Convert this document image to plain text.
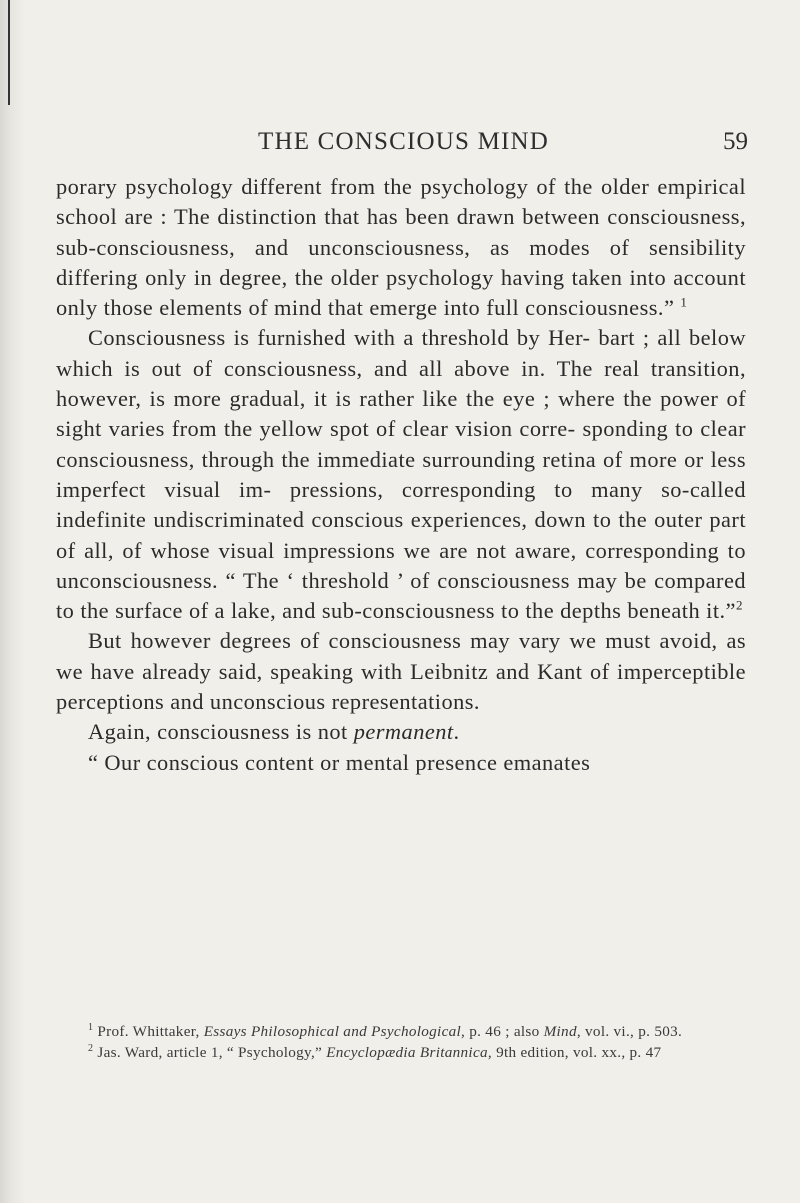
THE CONSCIOUS MIND	59

porary psychology different from the psychology of the older empirical school are : The distinction that has been drawn between consciousness, sub-consciousness, and unconsciousness, as modes of sensibility differing only in degree, the older psychology having taken into account only those elements of mind that emerge into full consciousness.” $^1$

Consciousness is furnished with a threshold by Her- bart ; all below which is out of consciousness, and all above in. The real transition, however, is more gradual, it is rather like the eye ; where the power of sight varies from the yellow spot of clear vision corre- sponding to clear consciousness, through the immediate surrounding retina of more or less imperfect visual im- pressions, corresponding to many so-called indefinite undiscriminated conscious experiences, down to the outer part of all, of whose visual impressions we are not aware, corresponding to unconsciousness. “ The ‘ threshold ’ of consciousness may be compared to the surface of a lake, and sub-consciousness to the depths beneath it.”$^2$

But however degrees of consciousness may vary we must avoid, as we have already said, speaking with Leibnitz and Kant of imperceptible perceptions and unconscious representations.

Again, consciousness is not permanent.

“ Our conscious content or mental presence emanates

$^1$ Prof. Whittaker, Essays Philosophical and Psychological, p. 46 ; also Mind, vol. vi., p. 503.

$^2$ Jas. Ward, article 1, “ Psychology,” Encyclopædia Britannica, 9th edition, vol. xx., p. 47
